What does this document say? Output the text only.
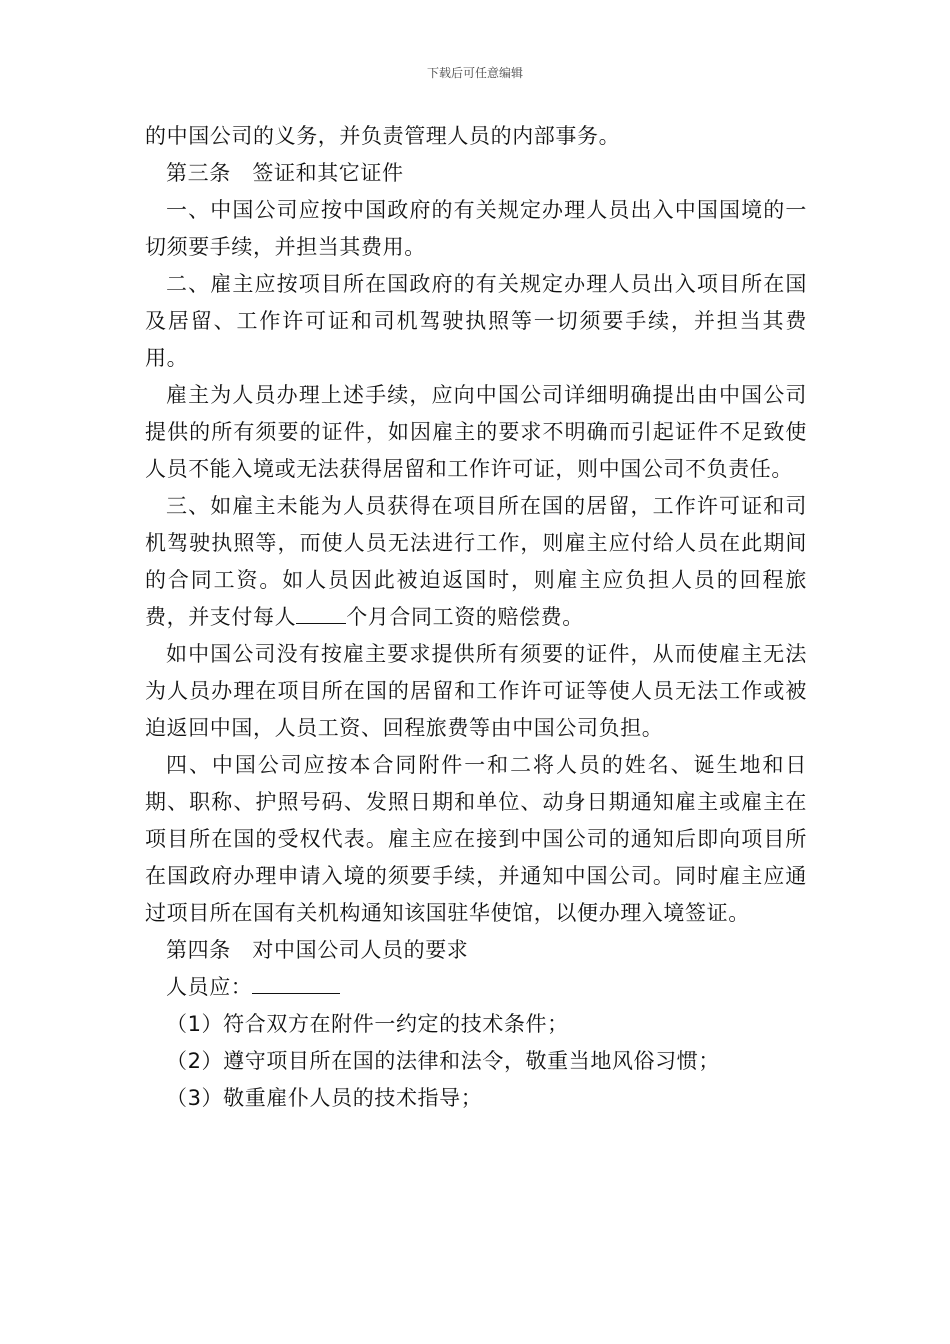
下载后可任意编辑

的中国公司的义务，并负责管理人员的内部事务。

第三条　签证和其它证件

一、中国公司应按中国政府的有关规定办理人员出入中国国境的一切须要手续，并担当其费用。

二、雇主应按项目所在国政府的有关规定办理人员出入项目所在国及居留、工作许可证和司机驾驶执照等一切须要手续，并担当其费用。

雇主为人员办理上述手续，应向中国公司详细明确提出由中国公司提供的所有须要的证件，如因雇主的要求不明确而引起证件不足致使人员不能入境或无法获得居留和工作许可证，则中国公司不负责任。

三、如雇主未能为人员获得在项目所在国的居留，工作许可证和司机驾驶执照等，而使人员无法进行工作，则雇主应付给人员在此期间的合同工资。如人员因此被迫返国时，则雇主应负担人员的回程旅费，并支付每人 个月合同工资的赔偿费。

如中国公司没有按雇主要求提供所有须要的证件，从而使雇主无法为人员办理在项目所在国的居留和工作许可证等使人员无法工作或被迫返回中国，人员工资、回程旅费等由中国公司负担。

四、中国公司应按本合同附件一和二将人员的姓名、诞生地和日期、职称、护照号码、发照日期和单位、动身日期通知雇主或雇主在项目所在国的受权代表。雇主应在接到中国公司的通知后即向项目所在国政府办理申请入境的须要手续，并通知中国公司。同时雇主应通过项目所在国有关机构通知该国驻华使馆，以便办理入境签证。

第四条　对中国公司人员的要求

人员应：

（1）符合双方在附件一约定的技术条件；

（2）遵守项目所在国的法律和法令，敬重当地风俗习惯；

（3）敬重雇仆人员的技术指导；
